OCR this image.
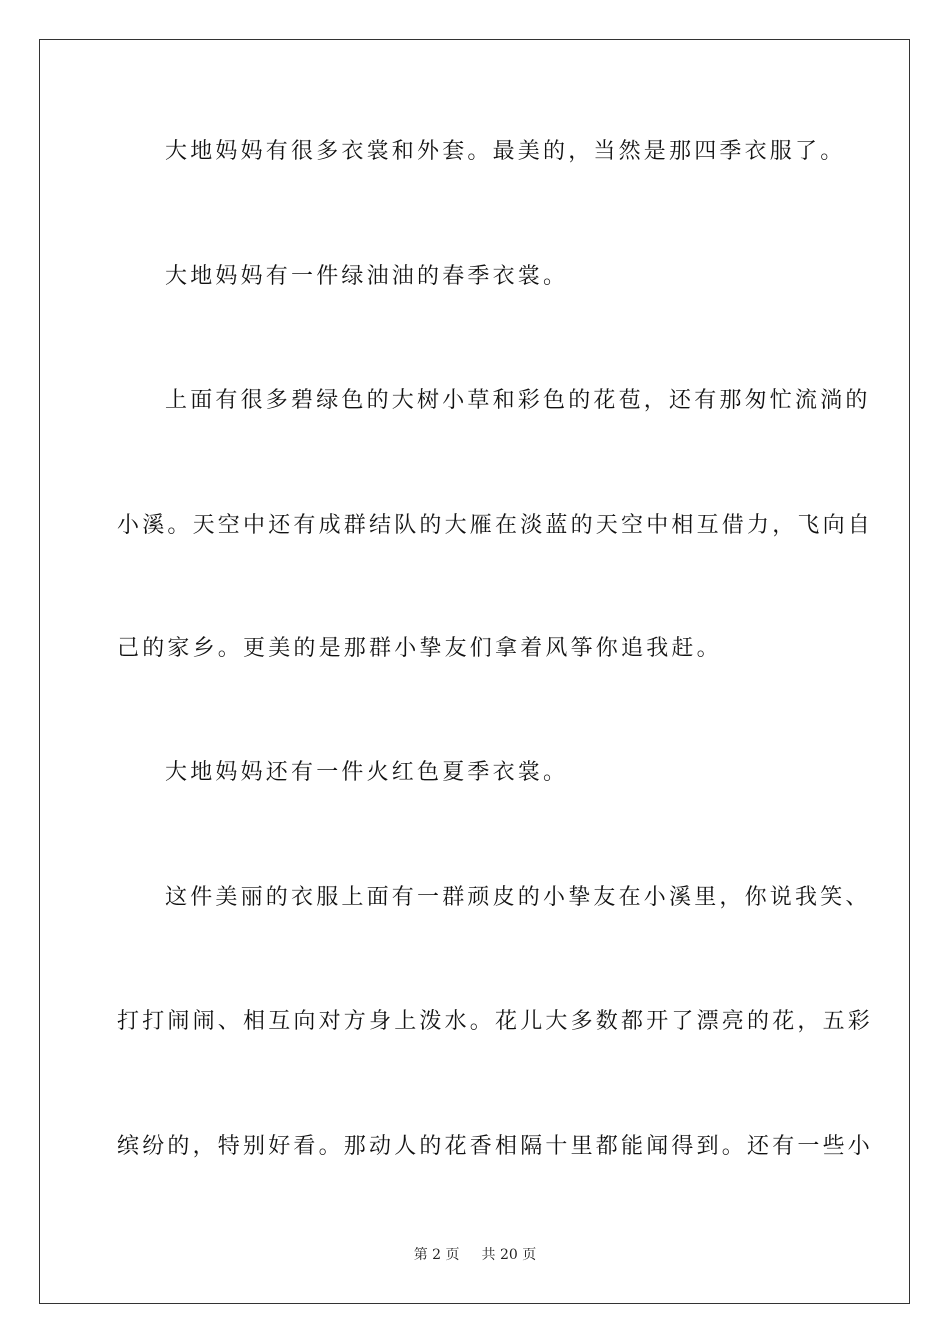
大地妈妈有很多衣裳和外套。最美的，当然是那四季衣服了。
大地妈妈有一件绿油油的春季衣裳。
上面有很多碧绿色的大树小草和彩色的花苞，还有那匆忙流淌的
小溪。天空中还有成群结队的大雁在淡蓝的天空中相互借力，飞向自
己的家乡。更美的是那群小挚友们拿着风筝你追我赶。
大地妈妈还有一件火红色夏季衣裳。
这件美丽的衣服上面有一群顽皮的小挚友在小溪里，你说我笑、
打打闹闹、相互向对方身上泼水。花儿大多数都开了漂亮的花，五彩
缤纷的，特别好看。那动人的花香相隔十里都能闻得到。还有一些小
第 2 页 共 20 页
